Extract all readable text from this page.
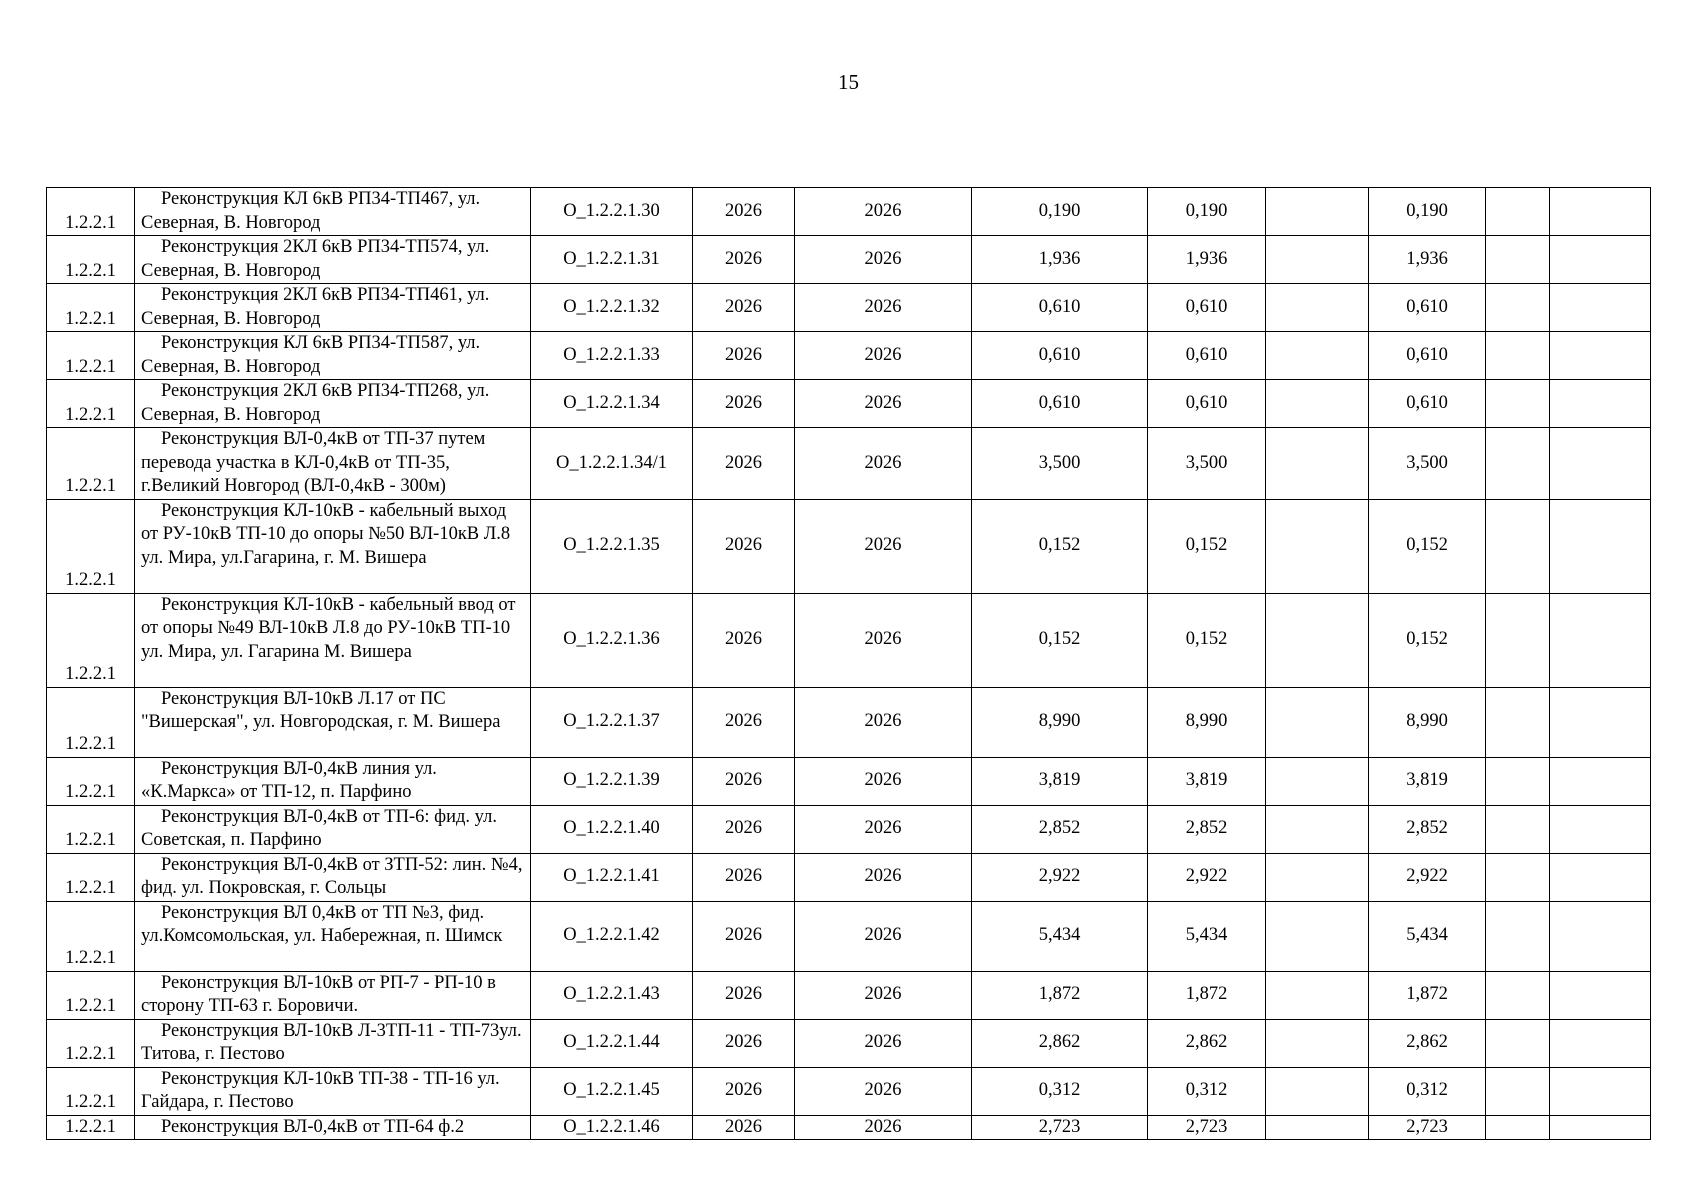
15
1.2.2.1	Реконструкция КЛ 6кВ РП34-ТП467, ул. Северная, В. Новгород	O_1.2.2.1.30	2026	2026	0,190	0,190		0,190		
1.2.2.1	Реконструкция 2КЛ 6кВ РП34-ТП574, ул. Северная, В. Новгород	O_1.2.2.1.31	2026	2026	1,936	1,936		1,936		
1.2.2.1	Реконструкция 2КЛ 6кВ РП34-ТП461, ул. Северная, В. Новгород	O_1.2.2.1.32	2026	2026	0,610	0,610		0,610		
1.2.2.1	Реконструкция КЛ 6кВ РП34-ТП587, ул. Северная, В. Новгород	O_1.2.2.1.33	2026	2026	0,610	0,610		0,610		
1.2.2.1	Реконструкция 2КЛ 6кВ РП34-ТП268, ул. Северная, В. Новгород	O_1.2.2.1.34	2026	2026	0,610	0,610		0,610		
1.2.2.1	Реконструкция ВЛ-0,4кВ от ТП-37 путем перевода участка в КЛ-0,4кВ от ТП-35, г.Великий Новгород (ВЛ-0,4кВ - 300м)	O_1.2.2.1.34/1	2026	2026	3,500	3,500		3,500		
1.2.2.1	Реконструкция КЛ-10кВ - кабельный выход от РУ-10кВ ТП-10 до опоры №50 ВЛ-10кВ Л.8 ул. Мира, ул.Гагарина, г. М. Вишера	O_1.2.2.1.35	2026	2026	0,152	0,152		0,152		
1.2.2.1	Реконструкция КЛ-10кВ - кабельный ввод от от опоры №49 ВЛ-10кВ Л.8 до РУ-10кВ ТП-10 ул. Мира, ул. Гагарина М. Вишера	O_1.2.2.1.36	2026	2026	0,152	0,152		0,152		
1.2.2.1	Реконструкция ВЛ-10кВ Л.17 от ПС "Вишерская", ул. Новгородская, г. М. Вишера	O_1.2.2.1.37	2026	2026	8,990	8,990		8,990		
1.2.2.1	Реконструкция ВЛ-0,4кВ линия ул. «К.Маркса» от ТП-12, п. Парфино	O_1.2.2.1.39	2026	2026	3,819	3,819		3,819		
1.2.2.1	Реконструкция ВЛ-0,4кВ от ТП-6: фид. ул. Советская, п. Парфино	O_1.2.2.1.40	2026	2026	2,852	2,852		2,852		
1.2.2.1	Реконструкция ВЛ-0,4кВ от ЗТП-52: лин. №4, фид. ул. Покровская, г. Сольцы	O_1.2.2.1.41	2026	2026	2,922	2,922		2,922		
1.2.2.1	Реконструкция ВЛ 0,4кВ от ТП №3, фид. ул.Комсомольская, ул. Набережная, п. Шимск	O_1.2.2.1.42	2026	2026	5,434	5,434		5,434		
1.2.2.1	Реконструкция ВЛ-10кВ от РП-7 - РП-10 в сторону ТП-63 г. Боровичи.	O_1.2.2.1.43	2026	2026	1,872	1,872		1,872		
1.2.2.1	Реконструкция ВЛ-10кВ Л-3ТП-11 - ТП-73ул. Титова, г. Пестово	O_1.2.2.1.44	2026	2026	2,862	2,862		2,862		
1.2.2.1	Реконструкция КЛ-10кВ ТП-38 - ТП-16 ул. Гайдара, г. Пестово	O_1.2.2.1.45	2026	2026	0,312	0,312		0,312		
1.2.2.1	Реконструкция ВЛ-0,4кВ от ТП-64 ф.2	O_1.2.2.1.46	2026	2026	2,723	2,723		2,723		
